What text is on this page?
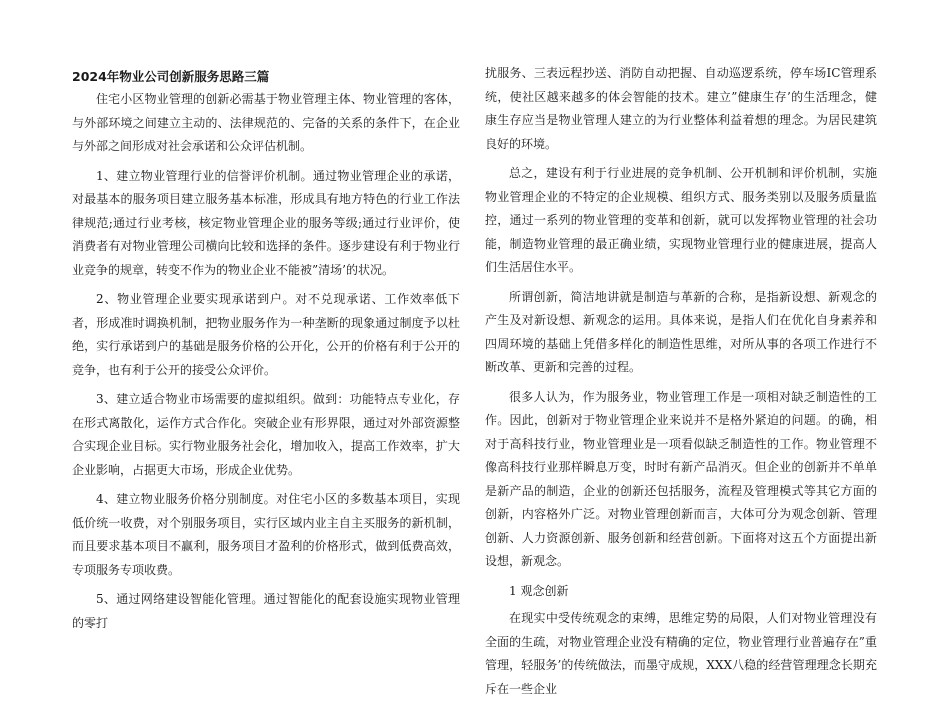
2024年物业公司创新服务思路三篇

住宅小区物业管理的创新必需基于物业管理主体、物业管理的客体，与外部环境之间建立主动的、法律规范的、完备的关系的条件下，在企业与外部之间形成对社会承诺和公众评估机制。

1、建立物业管理行业的信誉评价机制。通过物业管理企业的承诺，对最基本的服务项目建立服务基本标准，形成具有地方特色的行业工作法律规范;通过行业考核，核定物业管理企业的服务等级;通过行业评价，使消费者有对物业管理公司横向比较和选择的条件。逐步建设有利于物业行业竞争的规章，转变不作为的物业企业不能被”清场’的状况。

2、物业管理企业要实现承诺到户。对不兑现承诺、工作效率低下者，形成准时调换机制，把物业服务作为一种垄断的现象通过制度予以杜绝，实行承诺到户的基础是服务价格的公开化，公开的价格有利于公开的竞争，也有利于公开的接受公众评价。

3、建立适合物业市场需要的虚拟组织。做到：功能特点专业化，存在形式离散化，运作方式合作化。突破企业有形界限，通过对外部资源整合实现企业目标。实行物业服务社会化，增加收入，提高工作效率，扩大企业影响，占据更大市场，形成企业优势。

4、建立物业服务价格分别制度。对住宅小区的多数基本项目，实现低价统一收费，对个别服务项目，实行区域内业主自主买服务的新机制，而且要求基本项目不赢利，服务项目才盈利的价格形式，做到低费高效，专项服务专项收费。

5、通过网络建设智能化管理。通过智能化的配套设施实现物业管理的零打

扰服务、三表远程抄送、消防自动把握、自动巡逻系统，停车场IC管理系统，使社区越来越多的体会智能的技术。建立”健康生存’的生活理念，健康生存应当是物业管理人建立的为行业整体利益着想的理念。为居民建筑良好的环境。

总之，建设有利于行业进展的竞争机制、公开机制和评价机制，实施物业管理企业的不特定的企业规模、组织方式、服务类别以及服务质量监控，通过一系列的物业管理的变革和创新，就可以发挥物业管理的社会功能，制造物业管理的最正确业绩，实现物业管理行业的健康进展，提高人们生活居住水平。

所谓创新，简洁地讲就是制造与革新的合称，是指新设想、新观念的产生及对新设想、新观念的运用。具体来说，是指人们在优化自身素养和四周环境的基础上凭借多样化的制造性思维，对所从事的各项工作进行不断改革、更新和完善的过程。

很多人认为，作为服务业，物业管理工作是一项相对缺乏制造性的工作。因此，创新对于物业管理企业来说并不是格外紧迫的问题。的确，相对于高科技行业，物业管理业是一项看似缺乏制造性的工作。物业管理不像高科技行业那样瞬息万变，时时有新产品消灭。但企业的创新并不单单是新产品的制造，企业的创新还包括服务，流程及管理模式等其它方面的创新，内容格外广泛。对物业管理创新而言，大体可分为观念创新、管理创新、人力资源创新、服务创新和经营创新。下面将对这五个方面提出新设想，新观念。

1 观念创新

在现实中受传统观念的束缚，思维定势的局限，人们对物业管理没有全面的生疏，对物业管理企业没有精确的定位，物业管理行业普遍存在”重管理，轻服务’的传统做法，而墨守成规，XXX八稳的经营管理理念长期充斥在一些企业
